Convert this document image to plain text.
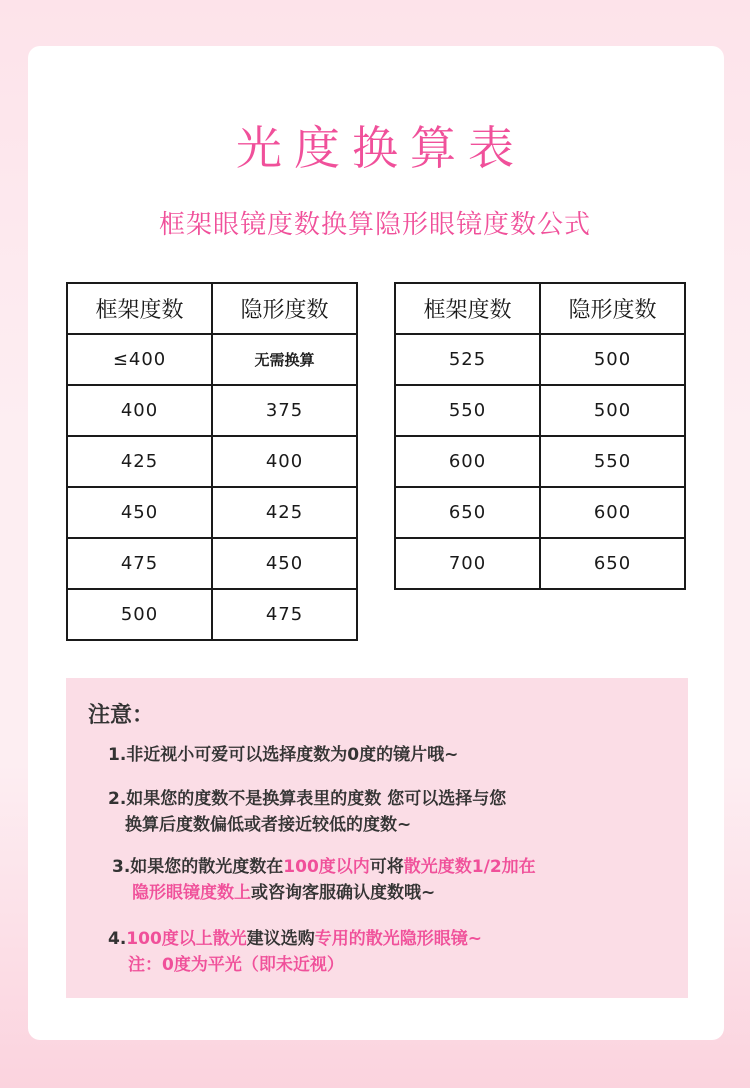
光度换算表
框架眼镜度数换算隐形眼镜度数公式
框架度数	隐形度数
≤400	无需换算
400	375
425	400
450	425
475	450
500	475
框架度数	隐形度数
525	500
550	500
600	550
650	600
700	650
注意：
1.非近视小可爱可以选择度数为0度的镜片哦~
2.如果您的度数不是换算表里的度数 您可以选择与您
换算后度数偏低或者接近较低的度数~
3.如果您的散光度数在100度以内可将散光度数1/2加在
隐形眼镜度数上或咨询客服确认度数哦~
4.100度以上散光建议选购专用的散光隐形眼镜~
注：0度为平光（即未近视）
